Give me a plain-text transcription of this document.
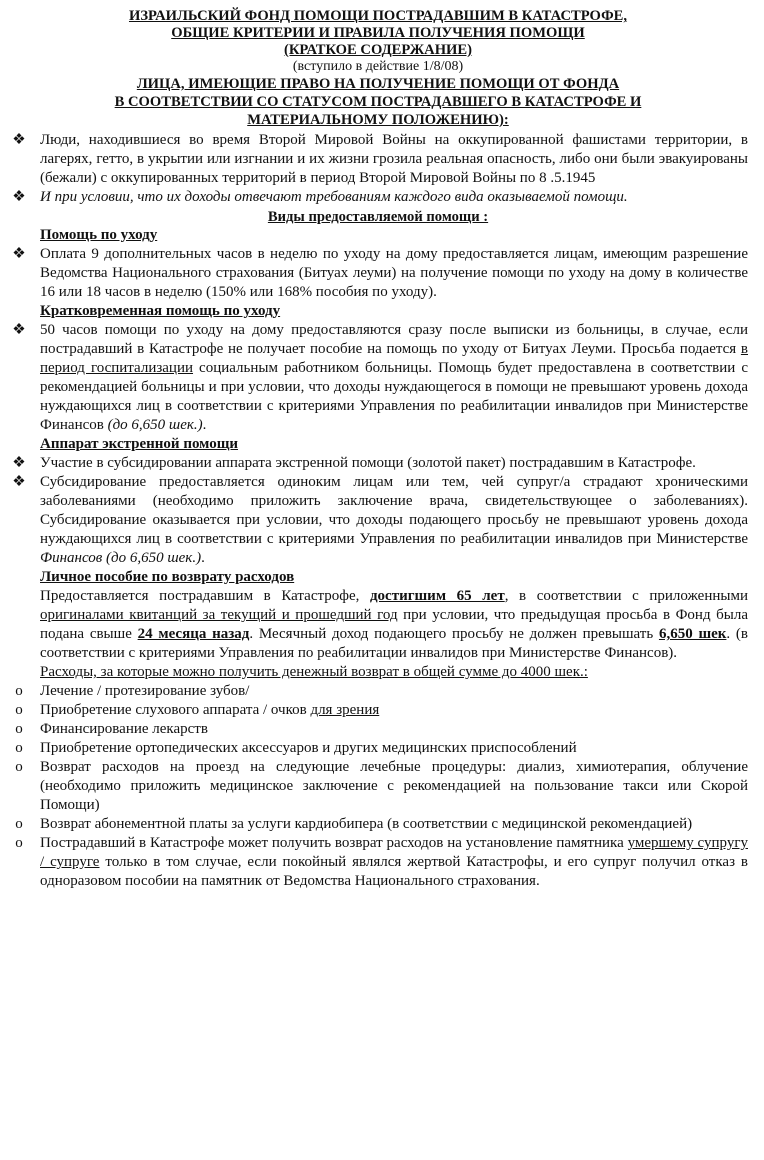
ИЗРАИЛЬСКИЙ ФОНД ПОМОЩИ ПОСТРАДАВШИМ В КАТАСТРОФЕ,
ОБЩИЕ КРИТЕРИИ И ПРАВИЛА ПОЛУЧЕНИЯ ПОМОЩИ
(КРАТКОЕ СОДЕРЖАНИЕ)
(вступило в действие 1/8/08)
ЛИЦА, ИМЕЮЩИЕ ПРАВО НА ПОЛУЧЕНИЕ ПОМОЩИ ОТ ФОНДА
В СООТВЕТСТВИИ СО СТАТУСОМ ПОСТРАДАВШЕГО В КАТАСТРОФЕ И
МАТЕРИАЛЬНОМУ ПОЛОЖЕНИЮ):
❖ Люди, находившиеся во время Второй Мировой Войны на оккупированной фашистами территории, в лагерях, гетто, в укрытии или изгнании и их жизни грозила реальная опасность, либо они были эвакуированы (бежали) с оккупированных территорий в период Второй Мировой Войны по 8 .5.1945
❖ И при условии, что их доходы отвечают требованиям каждого вида оказываемой помощи.
Виды предоставляемой помощи :
Помощь по уходу
❖ Оплата 9 дополнительных часов в неделю по уходу на дому предоставляется лицам, имеющим разрешение Ведомства Национального страхования (Битуах леуми) на получение помощи по уходу на дому в количестве 16 или 18 часов в неделю (150% или 168% пособия по уходу).
Кратковременная помощь по уходу
❖ 50 часов помощи по уходу на дому предоставляются сразу после выписки из больницы, в случае, если пострадавший в Катастрофе не получает пособие на помощь по уходу от Битуах Леуми. Просьба подается в период госпитализации социальным работником больницы. Помощь будет предоставлена в соответствии с рекомендацией больницы и при условии, что доходы нуждающегося в помощи не превышают уровень дохода нуждающихся лиц в соответствии с критериями Управления по реабилитации инвалидов при Министерстве Финансов (до 6,650 шек.).
Аппарат экстренной помощи
❖ Участие в субсидировании аппарата экстренной помощи (золотой пакет) пострадавшим в Катастрофе.
❖ Субсидирование предоставляется одиноким лицам или тем, чей супруг/а страдают хроническими заболеваниями (необходимо приложить заключение врача, свидетельствующее о заболеваниях). Субсидирование оказывается при условии, что доходы подающего просьбу не превышают уровень дохода нуждающихся лиц в соответствии с критериями Управления по реабилитации инвалидов при Министерстве Финансов (до 6,650 шек.).
Личное пособие по возврату расходов
Предоставляется пострадавшим в Катастрофе, достигшим 65 лет, в соответствии с приложенными оригиналами квитанций за текущий и прошедший год при условии, что предыдущая просьба в Фонд была подана свыше 24 месяца назад. Месячный доход подающего просьбу не должен превышать 6,650 шек. (в соответствии с критериями Управления по реабилитации инвалидов при Министерстве Финансов).
Расходы, за которые можно получить денежный возврат в общей сумме до 4000 шек.:
o	Лечение / протезирование зубов/
o	Приобретение слухового аппарата / очков для зрения
o	Финансирование лекарств
o	Приобретение ортопедических аксессуаров и других медицинских приспособлений
o	Возврат расходов на проезд на следующие лечебные процедуры: диализ, химиотерапия, облучение (необходимо приложить медицинское заключение с рекомендацией на пользование такси или Скорой Помощи)
o	Возврат абонементной платы за услуги кардиобипера (в соответствии с медицинской рекомендацией)
o	Пострадавший в Катастрофе может получить возврат расходов на установление памятника умершему супругу / супруге только в том случае, если покойный являлся жертвой Катастрофы, и его супруг получил отказ в одноразовом пособии на памятник от Ведомства Национального страхования.
